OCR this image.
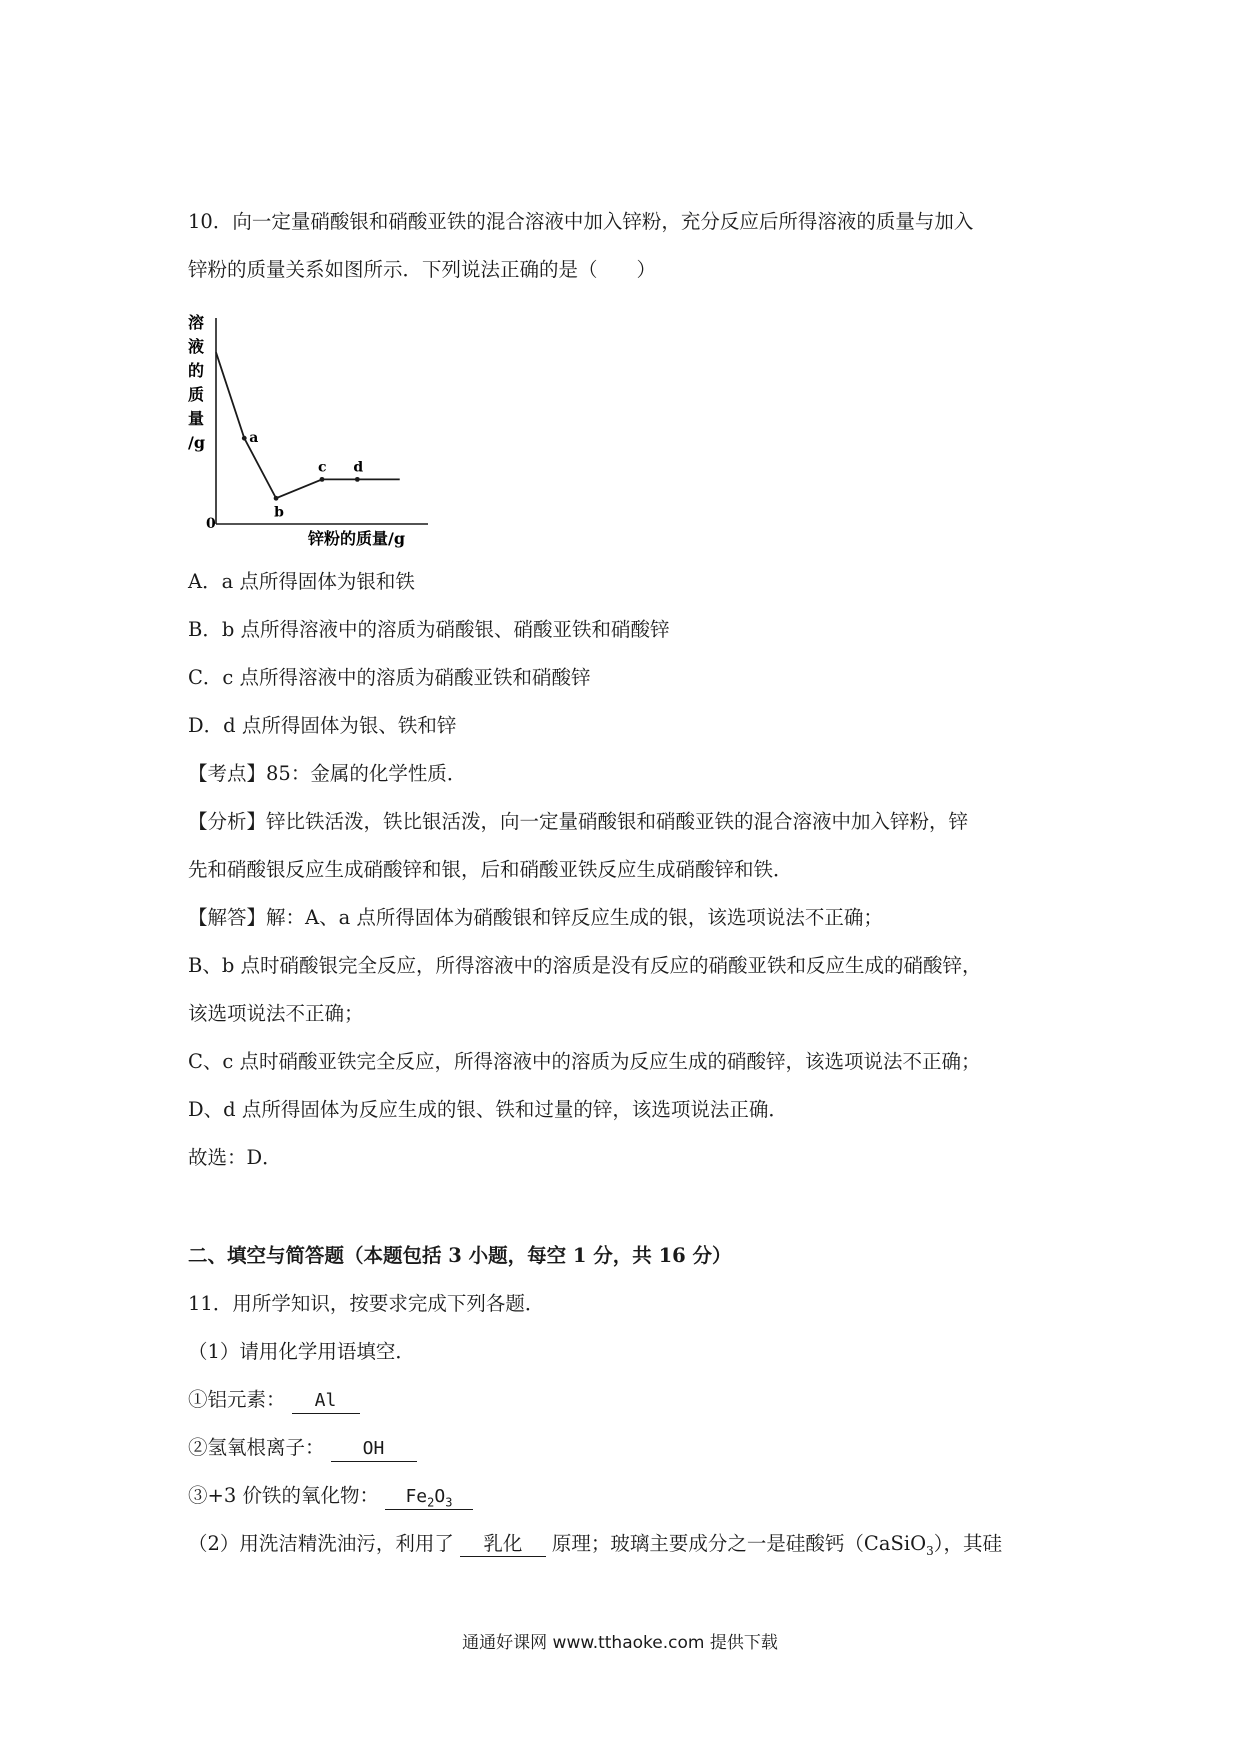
10．向一定量硝酸银和硝酸亚铁的混合溶液中加入锌粉，充分反应后所得溶液的质量与加入
锌粉的质量关系如图所示．下列说法正确的是（　　）
溶
液
的
质
量
/g
0
锌粉的质量/g
a
b
c d
A．a 点所得固体为银和铁
B．b 点所得溶液中的溶质为硝酸银、硝酸亚铁和硝酸锌
C．c 点所得溶液中的溶质为硝酸亚铁和硝酸锌
D．d 点所得固体为银、铁和锌
【考点】85：金属的化学性质．
【分析】锌比铁活泼，铁比银活泼，向一定量硝酸银和硝酸亚铁的混合溶液中加入锌粉，锌
先和硝酸银反应生成硝酸锌和银，后和硝酸亚铁反应生成硝酸锌和铁．
【解答】解：A、a 点所得固体为硝酸银和锌反应生成的银，该选项说法不正确；
B、b 点时硝酸银完全反应，所得溶液中的溶质是没有反应的硝酸亚铁和反应生成的硝酸锌，
该选项说法不正确；
C、c 点时硝酸亚铁完全反应，所得溶液中的溶质为反应生成的硝酸锌，该选项说法不正确；
D、d 点所得固体为反应生成的银、铁和过量的锌，该选项说法正确．
故选：D．
二、填空与简答题（本题包括 3 小题，每空 1 分，共 16 分）
11．用所学知识，按要求完成下列各题．
（1）请用化学用语填空．
①铝元素： Al
②氢氧根离子： OH
③+3 价铁的氧化物： $Fe_2O_3$
（2）用洗洁精洗油污，利用了 乳化 原理；玻璃主要成分之一是硅酸钙（CaSiO$_3$），其硅
通通好课网 www.tthaoke.com 提供下载
